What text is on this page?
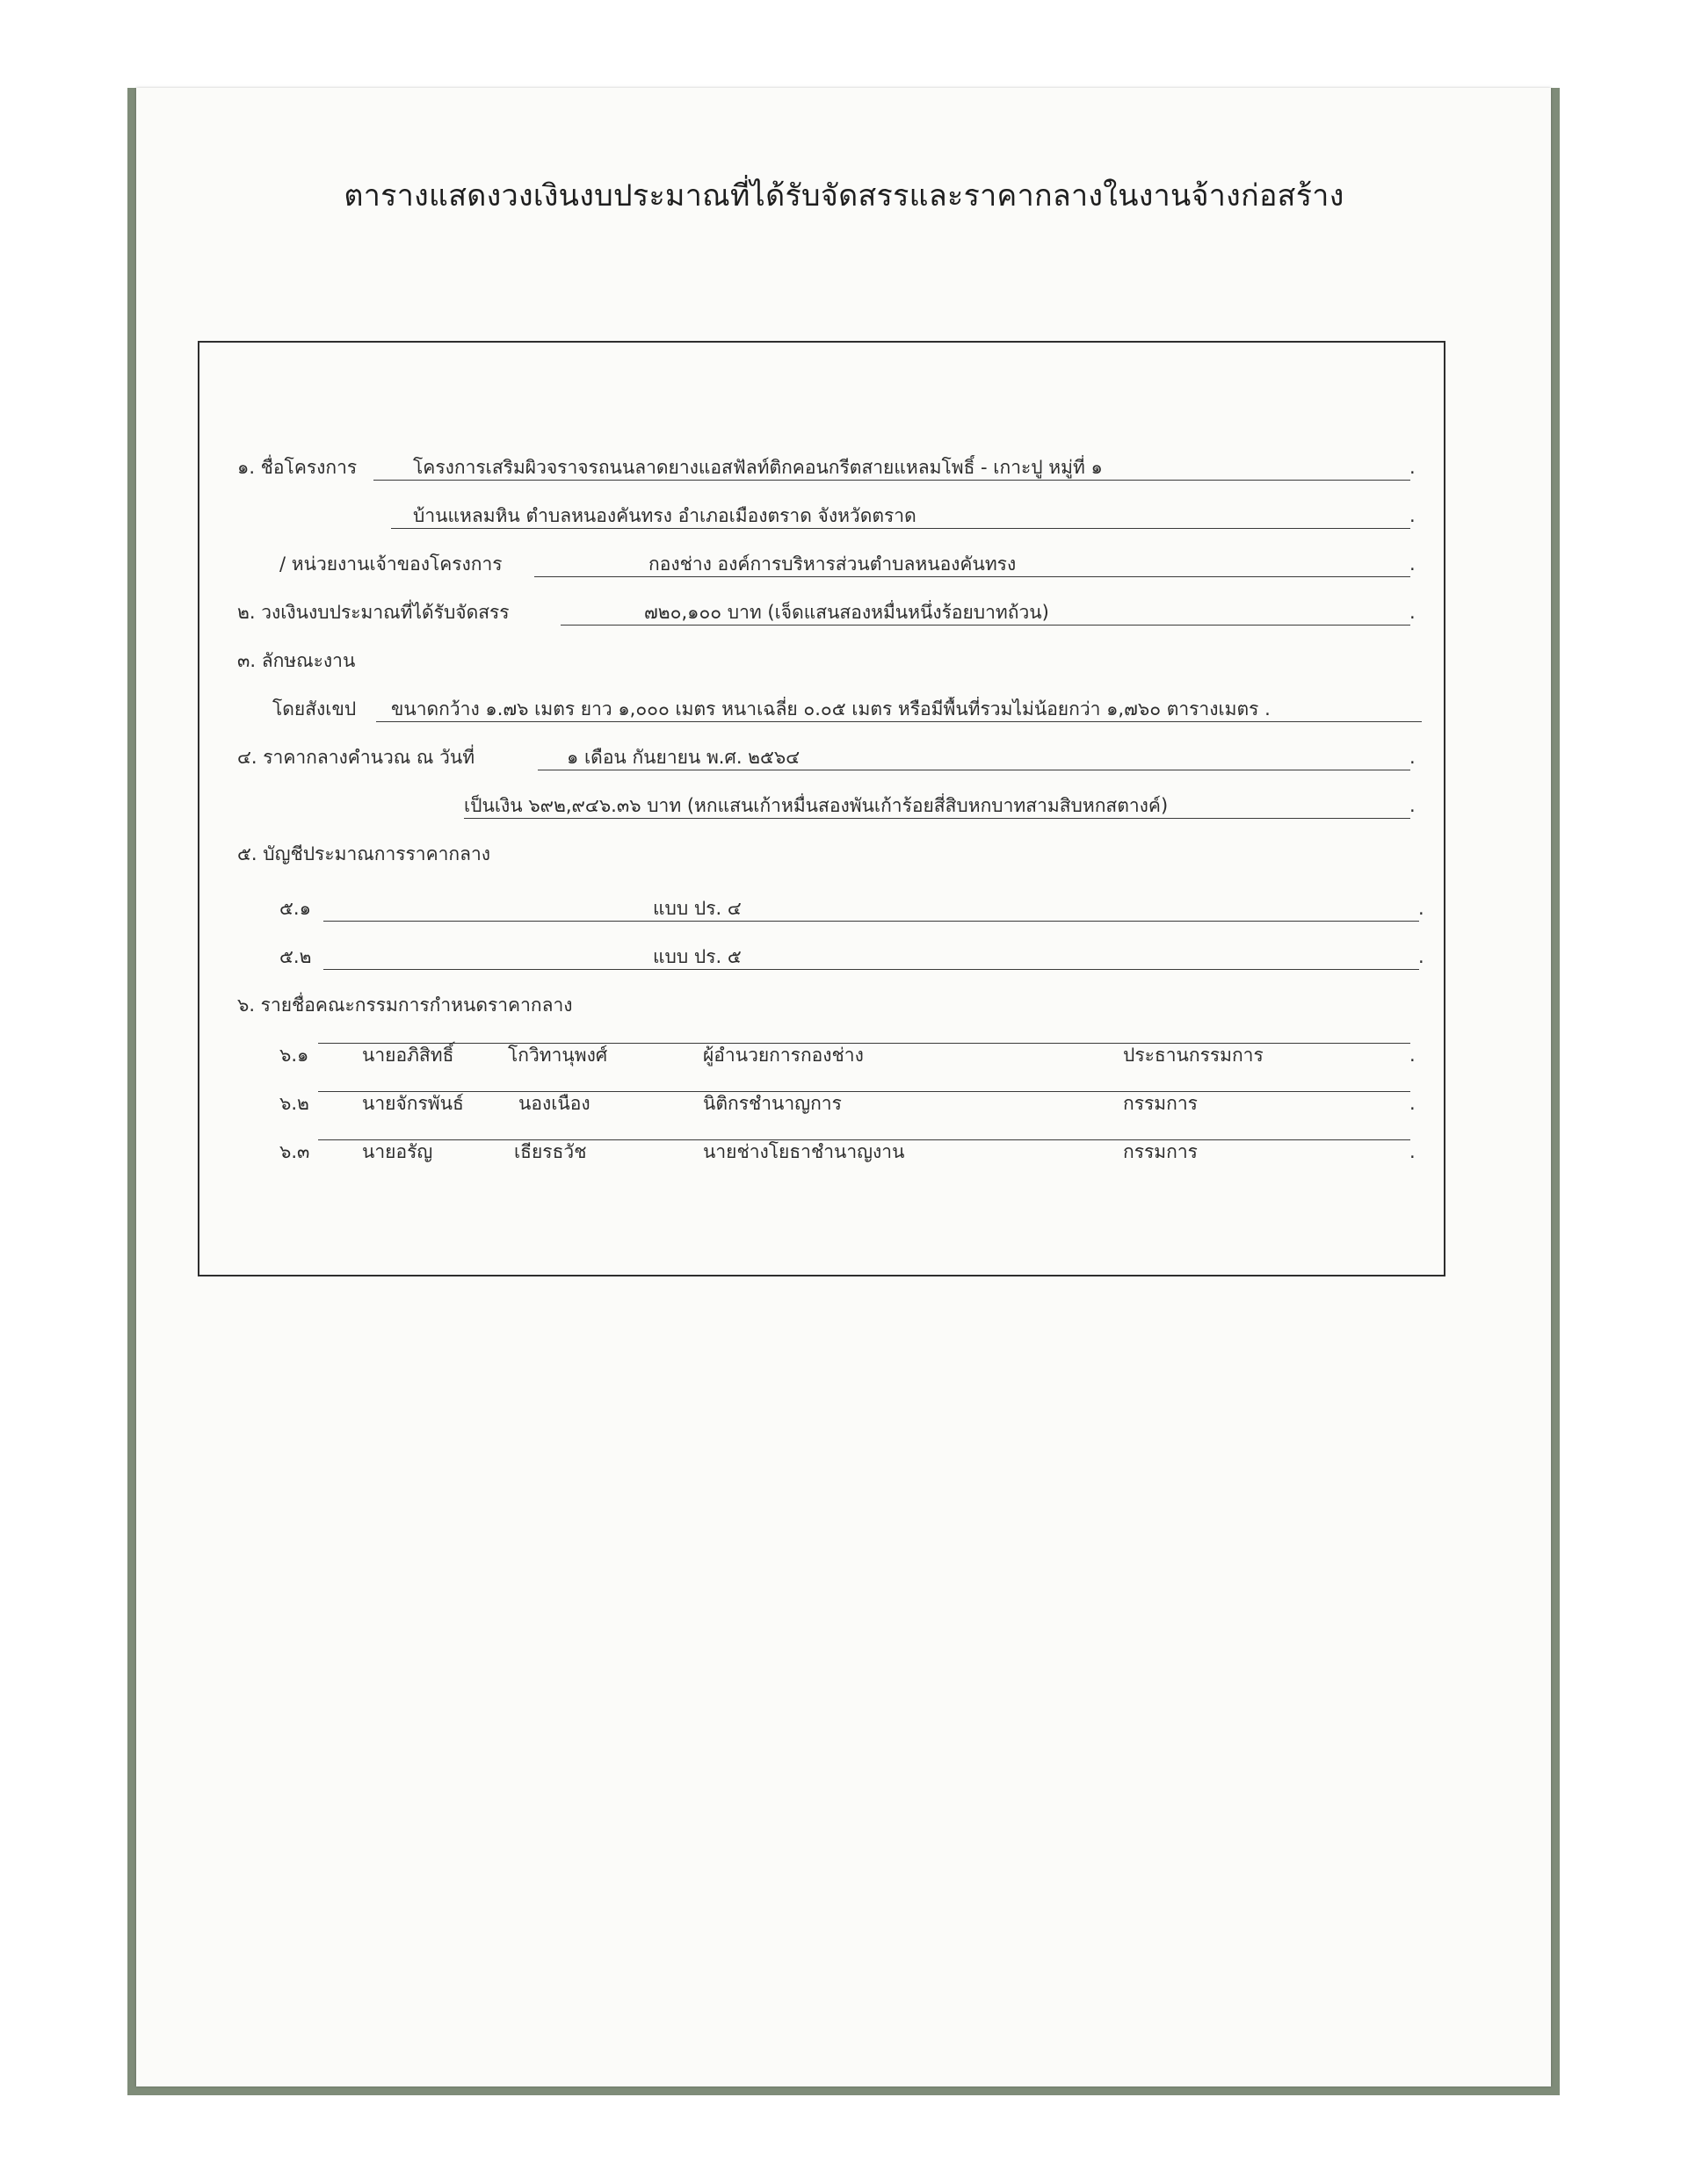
ตารางแสดงวงเงินงบประมาณที่ได้รับจัดสรรและราคากลางในงานจ้างก่อสร้าง
๑. ชื่อโครงการ	โครงการเสริมผิวจราจรถนนลาดยางแอสฟัลท์ติกคอนกรีตสายแหลมโพธิ์ - เกาะปู หมู่ที่ ๑	.
บ้านแหลมหิน ตำบลหนองคันทรง อำเภอเมืองตราด จังหวัดตราด	.
/ หน่วยงานเจ้าของโครงการ	กองช่าง องค์การบริหารส่วนตำบลหนองคันทรง	.
๒. วงเงินงบประมาณที่ได้รับจัดสรร	๗๒๐,๑๐๐ บาท (เจ็ดแสนสองหมื่นหนึ่งร้อยบาทถ้วน)	.
๓. ลักษณะงาน
โดยสังเขป	ขนาดกว้าง ๑.๗๖ เมตร ยาว ๑,๐๐๐ เมตร หนาเฉลี่ย ๐.๐๕ เมตร หรือมีพื้นที่รวมไม่น้อยกว่า ๑,๗๖๐ ตารางเมตร .
๔. ราคากลางคำนวณ ณ วันที่	๑ เดือน กันยายน พ.ศ. ๒๕๖๔	.
เป็นเงิน ๖๙๒,๙๔๖.๓๖ บาท (หกแสนเก้าหมื่นสองพันเก้าร้อยสี่สิบหกบาทสามสิบหกสตางค์)	.
๕. บัญชีประมาณการราคากลาง
๕.๑	แบบ ปร. ๔	.
๕.๒	แบบ ปร. ๕	.
๖. รายชื่อคณะกรรมการกำหนดราคากลาง
๖.๑	นายอภิสิทธิ์	โกวิทานุพงศ์	ผู้อำนวยการกองช่าง	ประธานกรรมการ	.
๖.๒	นายจักรพันธ์	นองเนือง	นิติกรชำนาญการ	กรรมการ	.
๖.๓	นายอรัญ	เธียรธวัช	นายช่างโยธาชำนาญงาน	กรรมการ	.
